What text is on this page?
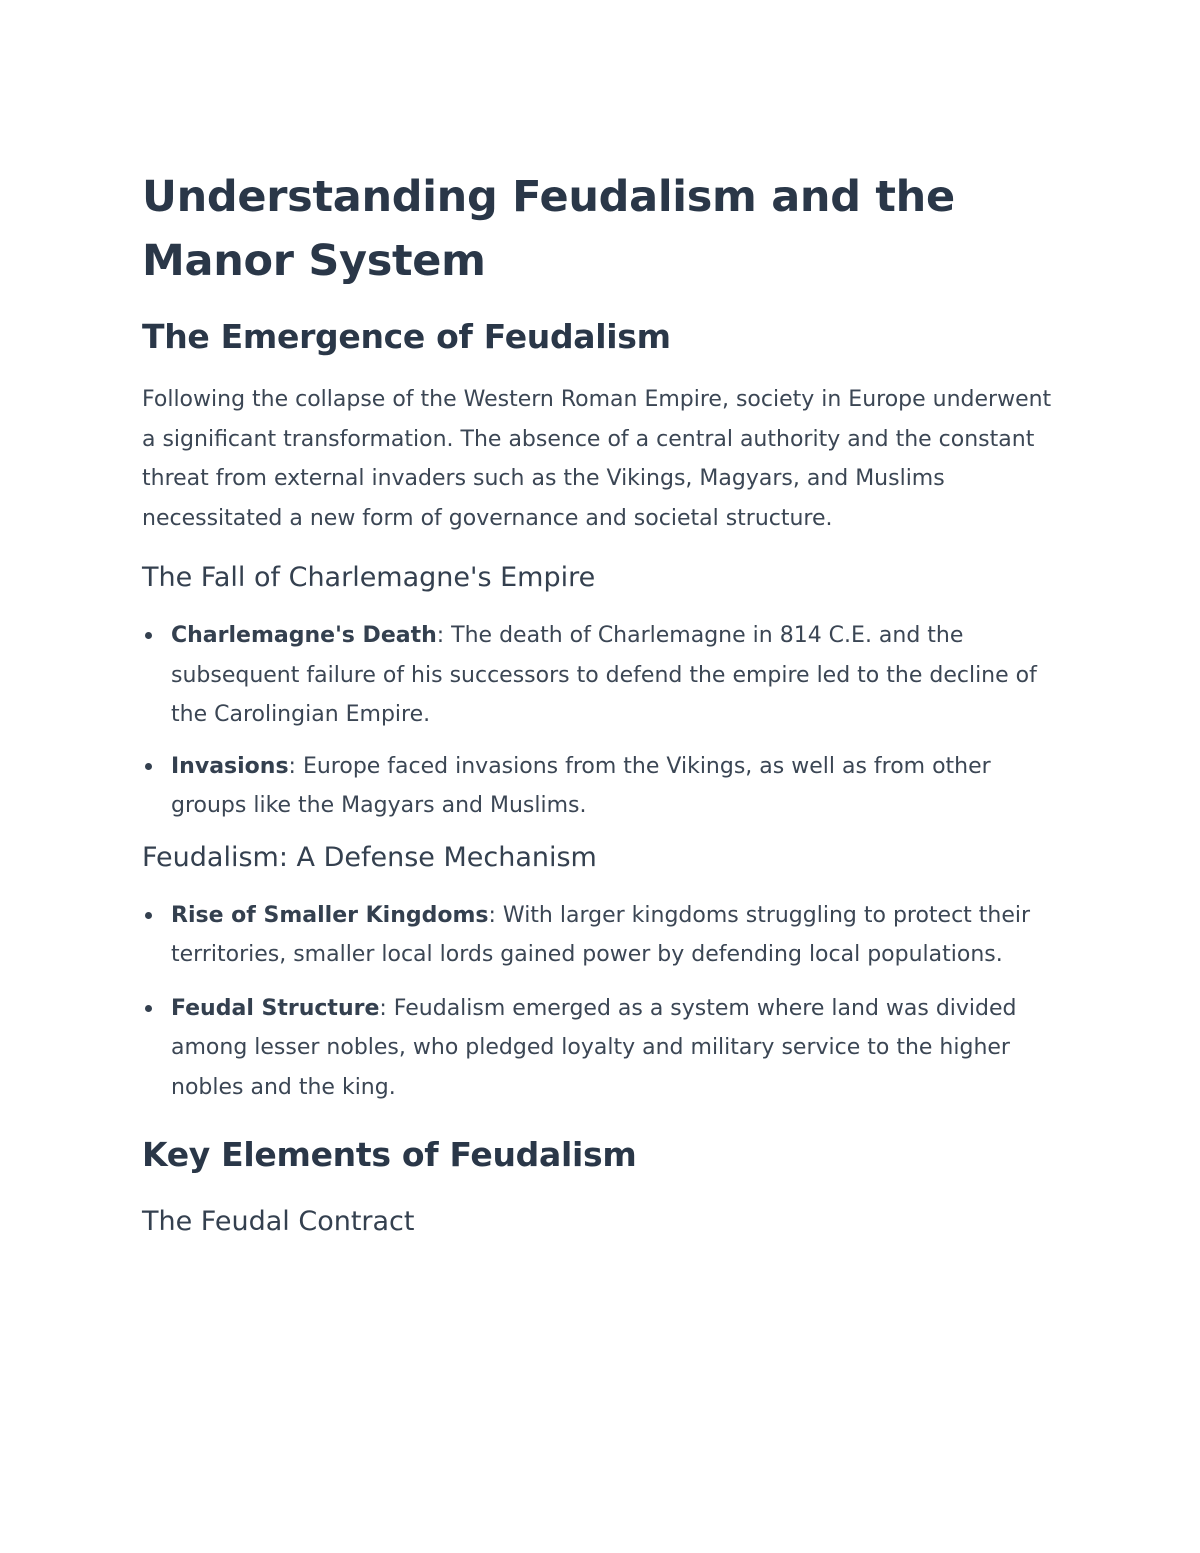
Understanding Feudalism and the Manor System
The Emergence of Feudalism

Following the collapse of the Western Roman Empire, society in Europe underwent a significant transformation. The absence of a central authority and the constant threat from external invaders such as the Vikings, Magyars, and Muslims necessitated a new form of governance and societal structure.

The Fall of Charlemagne's Empire
Charlemagne's Death: The death of Charlemagne in 814 C.E. and the subsequent failure of his successors to defend the empire led to the decline of the Carolingian Empire.
Invasions: Europe faced invasions from the Vikings, as well as from other groups like the Magyars and Muslims.
Feudalism: A Defense Mechanism
Rise of Smaller Kingdoms: With larger kingdoms struggling to protect their territories, smaller local lords gained power by defending local populations.
Feudal Structure: Feudalism emerged as a system where land was divided among lesser nobles, who pledged loyalty and military service to the higher nobles and the king.
Key Elements of Feudalism
The Feudal Contract
